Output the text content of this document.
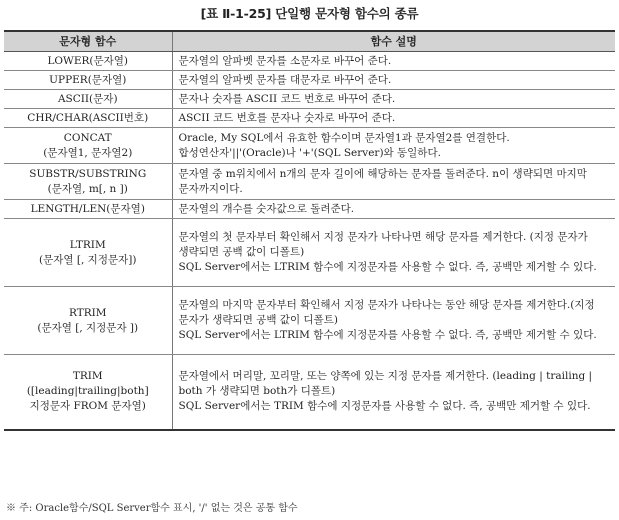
[표 Ⅱ-1-25] 단일행 문자형 함수의 종류
문자형 함수	함수 설명

LOWER(문자열)	문자열의 알파벳 문자를 소문자로 바꾸어 준다.

UPPER(문자열)	문자열의 알파벳 문자를 대문자로 바꾸어 준다.

ASCII(문자)	문자나 숫자를 ASCII 코드 번호로 바꾸어 준다.

CHR/CHAR(ASCII번호)	ASCII 코드 번호를 문자나 숫자로 바꾸어 준다.

CONCAT
(문자열1, 문자열2)	Oracle, My SQL에서 유효한 함수이며 문자열1과 문자열2를 연결한다. 합성연산자'||'(Oracle)나 '+'(SQL Server)와 동일하다.

SUBSTR/SUBSTRING
(문자열, m[, n ])	문자열 중 m위치에서 n개의 문자 길이에 해당하는 문자를 돌려준다. n이 생략되면 마지막 문자까지이다.

LENGTH/LEN(문자열)	문자열의 개수를 숫자값으로 돌려준다.

LTRIM
(문자열 [, 지정문자])	문자열의 첫 문자부터 확인해서 지정 문자가 나타나면 해당 문자를 제거한다. (지정 문자가 생략되면 공백 값이 디폴트)
SQL Server에서는 LTRIM 함수에 지정문자를 사용할 수 없다. 즉, 공백만 제거할 수 있다.

RTRIM
(문자열 [, 지정문자 ])	문자열의 마지막 문자부터 확인해서 지정 문자가 나타나는 동안 해당 문자를 제거한다.(지정 문자가 생략되면 공백 값이 디폴트)
SQL Server에서는 LTRIM 함수에 지정문자를 사용할 수 없다. 즉, 공백만 제거할 수 있다.

TRIM
([leading|trailing|both]
지정문자 FROM 문자열)	문자열에서 머리말, 꼬리말, 또는 양쪽에 있는 지정 문자를 제거한다. (leading | trailing | both 가 생략되면 both가 디폴트)
SQL Server에서는 TRIM 함수에 지정문자를 사용할 수 없다. 즉, 공백만 제거할 수 있다.
※ 주: Oracle함수/SQL Server함수 표시, '/' 없는 것은 공통 함수
